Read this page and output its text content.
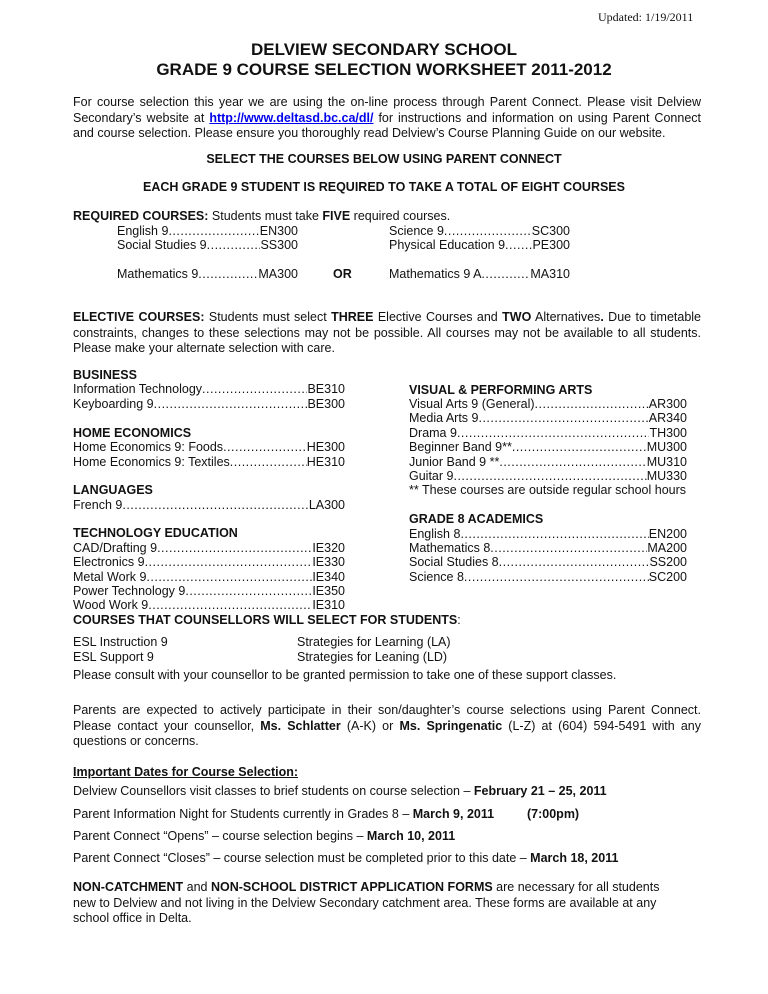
Updated: 1/19/2011
DELVIEW SECONDARY SCHOOL
GRADE 9 COURSE SELECTION WORKSHEET 2011-2012
For course selection this year we are using the on-line process through Parent Connect. Please visit Delview Secondary’s website at http://www.deltasd.bc.ca/dl/ for instructions and information on using Parent Connect and course selection. Please ensure you thoroughly read Delview’s Course Planning Guide on our website.
SELECT THE COURSES BELOW USING PARENT CONNECT
EACH GRADE 9 STUDENT IS REQUIRED TO TAKE A TOTAL OF EIGHT COURSES
REQUIRED COURSES: Students must take FIVE required courses.
English 9 .....	EN300	Science 9 .....	SC300
Social Studies 9 .....	SS300	Physical Education 9 ..... PE300
Mathematics 9 .....	MA300	OR	Mathematics 9 A .....	MA310
ELECTIVE COURSES: Students must select THREE Elective Courses and TWO Alternatives. Due to timetable constraints, changes to these selections may not be possible. All courses may not be available to all students. Please make your alternate selection with care.
BUSINESS
Information Technology .....	BE310
Keyboarding 9 .....	BE300
HOME ECONOMICS
Home Economics 9: Foods .....	HE300
Home Economics 9: Textiles .....	HE310
LANGUAGES
French 9 .....	LA300
TECHNOLOGY EDUCATION
CAD/Drafting 9 .....	IE320
Electronics 9 .....	IE330
Metal Work 9 .....	IE340
Power Technology 9 .....	IE350
Wood Work 9 .....	IE310
VISUAL & PERFORMING ARTS
Visual Arts 9 (General) .....	AR300
Media Arts 9 .....	AR340
Drama 9 .....	TH300
Beginner Band 9** .....	MU300
Junior Band 9 ** .....	MU310
Guitar 9 .....	MU330
** These courses are outside regular school hours
GRADE 8 ACADEMICS
English 8 .....	EN200
Mathematics 8 .....	MA200
Social Studies 8 .....	SS200
Science 8 .....	SC200
COURSES THAT COUNSELLORS WILL SELECT FOR STUDENTS:
ESL Instruction 9	Strategies for Learning (LA)
ESL Support 9	Strategies for Leaning (LD)
Please consult with your counsellor to be granted permission to take one of these support classes.
Parents are expected to actively participate in their son/daughter’s course selections using Parent Connect. Please contact your counsellor, Ms. Schlatter (A-K) or Ms. Springenatic (L-Z) at (604) 594-5491 with any questions or concerns.
Important Dates for Course Selection:
Delview Counsellors visit classes to brief students on course selection – February 21 – 25, 2011
Parent Information Night for Students currently in Grades 8 – March 9, 2011	(7:00pm)
Parent Connect “Opens” – course selection begins – March 10, 2011
Parent Connect “Closes” – course selection must be completed prior to this date – March 18, 2011
NON-CATCHMENT and NON-SCHOOL DISTRICT APPLICATION FORMS are necessary for all students new to Delview and not living in the Delview Secondary catchment area. These forms are available at any school office in Delta.
